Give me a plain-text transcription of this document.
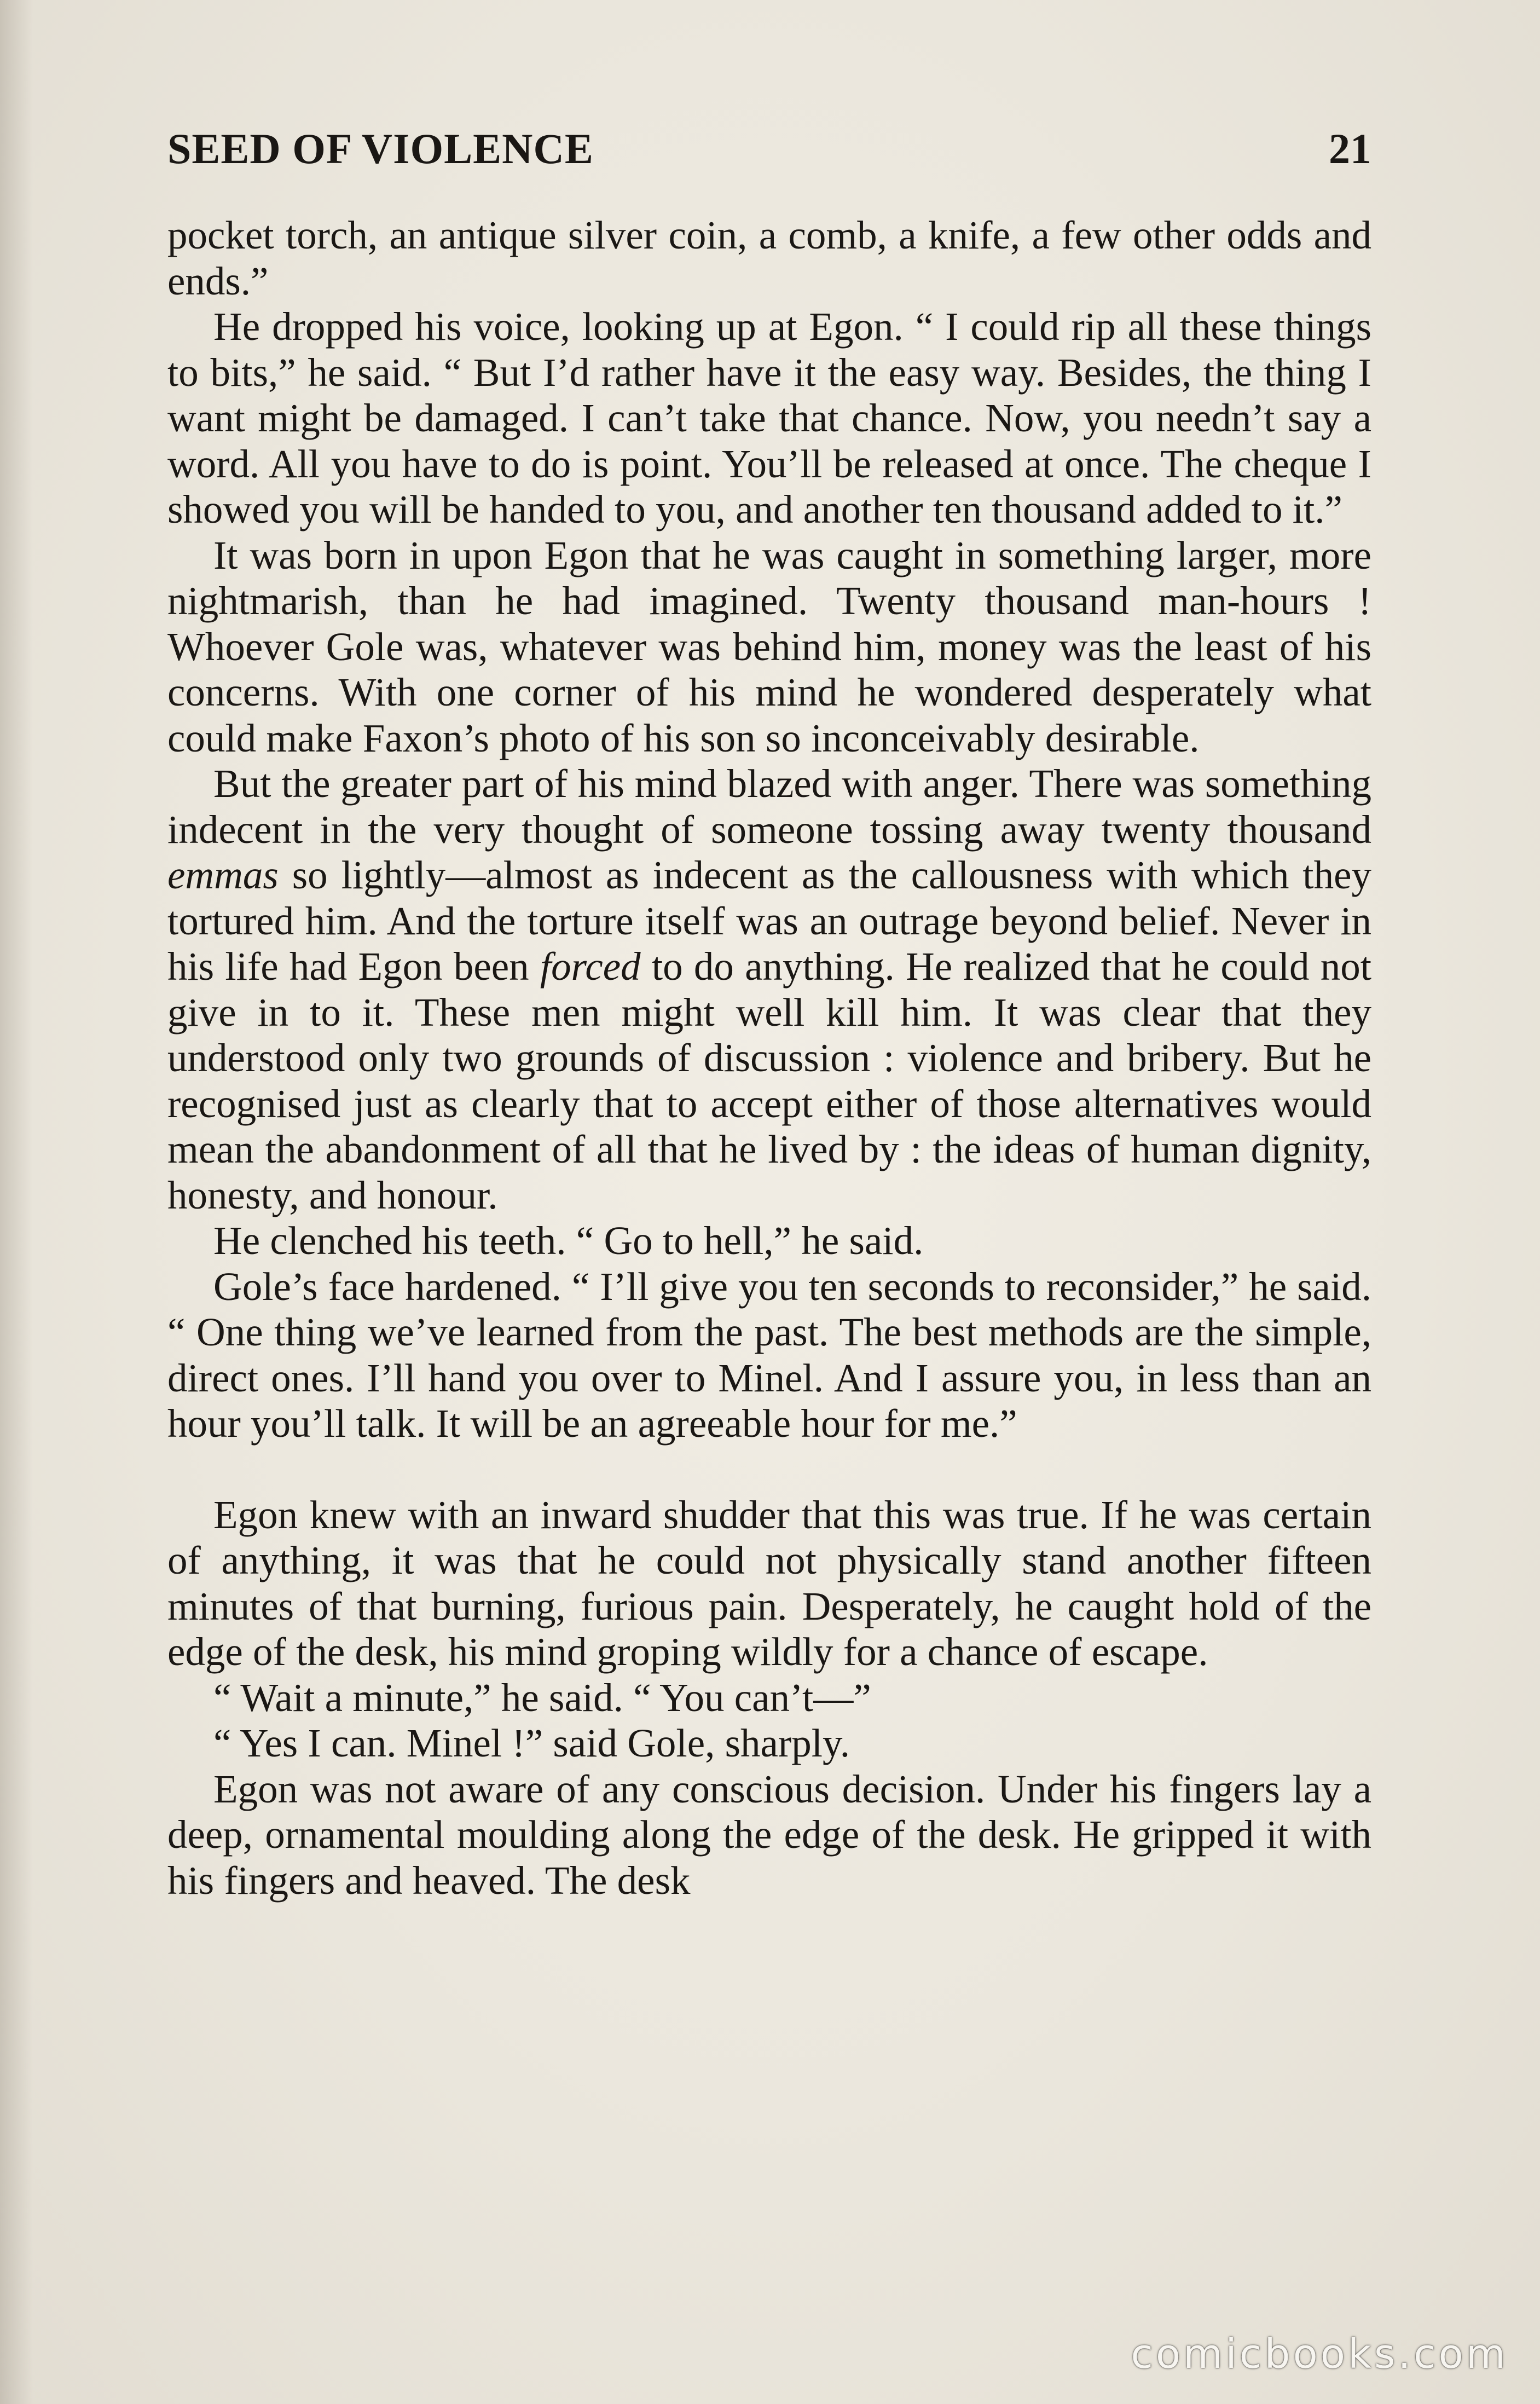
SEED OF VIOLENCE	21

pocket torch, an antique silver coin, a comb, a knife, a few other odds and ends.”

He dropped his voice, looking up at Egon. “ I could rip all these things to bits,” he said. “ But I’d rather have it the easy way. Besides, the thing I want might be damaged. I can’t take that chance. Now, you needn’t say a word. All you have to do is point. You’ll be released at once. The cheque I showed you will be handed to you, and another ten thousand added to it.”

It was born in upon Egon that he was caught in something larger, more nightmarish, than he had imagined. Twenty thousand man-hours ! Whoever Gole was, whatever was behind him, money was the least of his concerns. With one corner of his mind he wondered desperately what could make Faxon’s photo of his son so inconceivably desirable.

But the greater part of his mind blazed with anger. There was something indecent in the very thought of someone tossing away twenty thousand emmas so lightly—almost as indecent as the callousness with which they tortured him. And the torture itself was an outrage beyond belief. Never in his life had Egon been forced to do anything. He realized that he could not give in to it. These men might well kill him. It was clear that they understood only two grounds of discussion : violence and bribery. But he recognised just as clearly that to accept either of those alternatives would mean the abandonment of all that he lived by : the ideas of human dignity, honesty, and honour.

He clenched his teeth. “ Go to hell,” he said.

Gole’s face hardened. “ I’ll give you ten seconds to reconsider,” he said. “ One thing we’ve learned from the past. The best methods are the simple, direct ones. I’ll hand you over to Minel. And I assure you, in less than an hour you’ll talk. It will be an agreeable hour for me.”

Egon knew with an inward shudder that this was true. If he was certain of anything, it was that he could not physically stand another fifteen minutes of that burning, furious pain. Desperately, he caught hold of the edge of the desk, his mind groping wildly for a chance of escape.

“ Wait a minute,” he said. “ You can’t—”

“ Yes I can. Minel !” said Gole, sharply.

Egon was not aware of any conscious decision. Under his fingers lay a deep, ornamental moulding along the edge of the desk. He gripped it with his fingers and heaved. The desk

comicbooks.com
